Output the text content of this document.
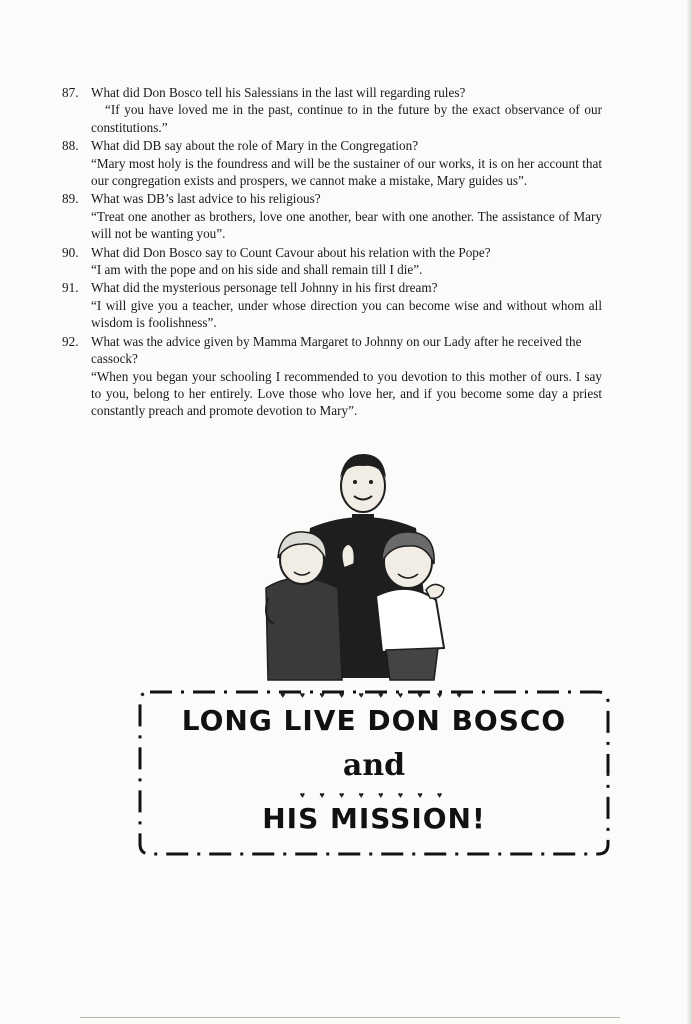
87. What did Don Bosco tell his Salessians in the last will regarding rules?
“If you have loved me in the past, continue to in the future by the exact observance of our constitutions.”
88. What did DB say about the role of Mary in the Congregation?
“Mary most holy is the foundress and will be the sustainer of our works, it is on her account that our congregation exists and prospers, we cannot make a mistake, Mary guides us”.
89. What was DB’s last advice to his religious?
“Treat one another as brothers, love one another, bear with one another. The assistance of Mary will not be wanting you”.
90. What did Don Bosco say to Count Cavour about his relation with the Pope?
“I am with the pope and on his side and shall remain till I die”.
91. What did the mysterious personage tell Johnny in his first dream?
“I will give you a teacher, under whose direction you can become wise and without whom all wisdom is foolishness”.
92. What was the advice given by Mamma Margaret to Johnny on our Lady after he received the cassock?
“When you began your schooling I recommended to you devotion to this mother of ours. I say to you, belong to her entirely. Love those who love her, and if you become some day a priest constantly preach and promote devotion to Mary”.
♥ ♥ ♥ ♥ ♥ ♥ ♥ ♥ ♥ ♥
LONG LIVE DON BOSCO
and
♥ ♥ ♥ ♥ ♥ ♥ ♥ ♥
HIS MISSION!
